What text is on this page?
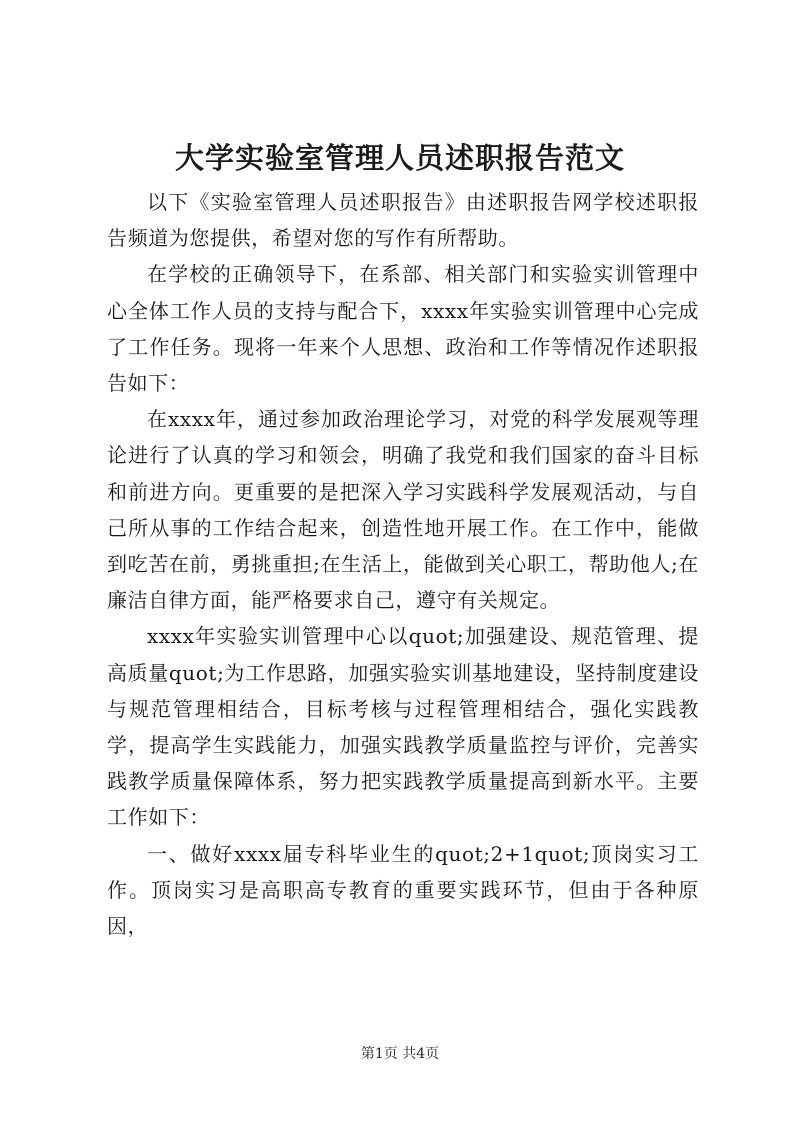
大学实验室管理人员述职报告范文

以下《实验室管理人员述职报告》由述职报告网学校述职报告频道为您提供，希望对您的写作有所帮助。

在学校的正确领导下，在系部、相关部门和实验实训管理中心全体工作人员的支持与配合下，xxxx年实验实训管理中心完成了工作任务。现将一年来个人思想、政治和工作等情况作述职报告如下：

在xxxx年，通过参加政治理论学习，对党的科学发展观等理论进行了认真的学习和领会，明确了我党和我们国家的奋斗目标和前进方向。更重要的是把深入学习实践科学发展观活动，与自己所从事的工作结合起来，创造性地开展工作。在工作中，能做到吃苦在前，勇挑重担;在生活上，能做到关心职工，帮助他人;在廉洁自律方面，能严格要求自己，遵守有关规定。

xxxx年实验实训管理中心以quot;加强建设、规范管理、提高质量quot;为工作思路，加强实验实训基地建设，坚持制度建设与规范管理相结合，目标考核与过程管理相结合，强化实践教学，提高学生实践能力，加强实践教学质量监控与评价，完善实践教学质量保障体系，努力把实践教学质量提高到新水平。主要工作如下：

一、做好xxxx届专科毕业生的quot;2+1quot;顶岗实习工作。顶岗实习是高职高专教育的重要实践环节，但由于各种原因，

第1页 共4页
